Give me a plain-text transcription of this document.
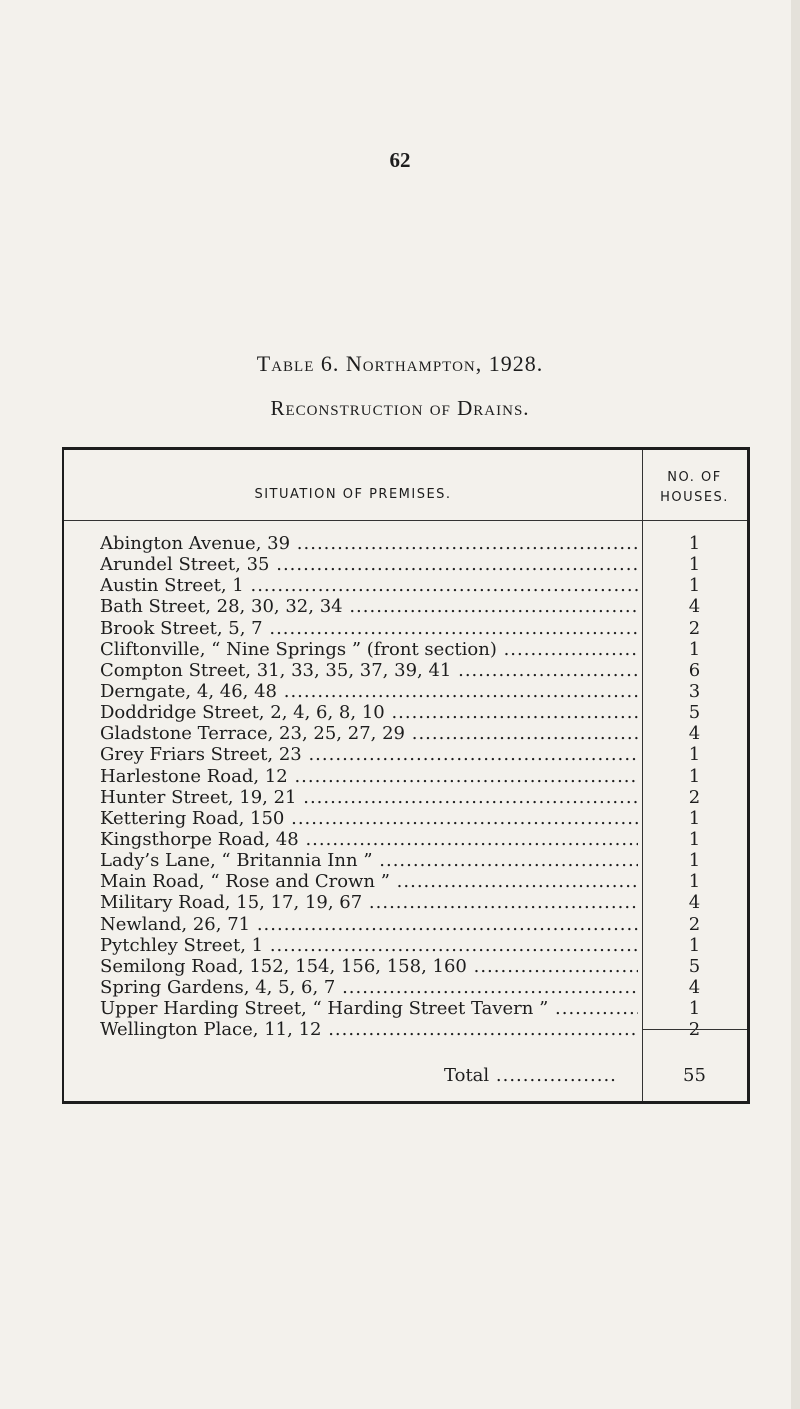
62
Table 6. Northampton, 1928.
Reconstruction of Drains.
SITUATION OF PREMISES.
NO. OF
HOUSES.
Abington Avenue, 39 .....	1
Arundel Street, 35 .....	1
Austin Street, 1 .....	1
Bath Street, 28, 30, 32, 34 .....	4
Brook Street, 5, 7 .....	2
Cliftonville, “ Nine Springs ” (front section) .....	1
Compton Street, 31, 33, 35, 37, 39, 41 .....	6
Derngate, 4, 46, 48 .....	3
Doddridge Street, 2, 4, 6, 8, 10 .....	5
Gladstone Terrace, 23, 25, 27, 29 .....	4
Grey Friars Street, 23 .....	1
Harlestone Road, 12 .....	1
Hunter Street, 19, 21 .....	2
Kettering Road, 150 .....	1
Kingsthorpe Road, 48 .....	1
Lady’s Lane, “ Britannia Inn ” .....	1
Main Road, “ Rose and Crown ” .....	1
Military Road, 15, 17, 19, 67 .....	4
Newland, 26, 71 .....	2
Pytchley Street, 1 .....	1
Semilong Road, 152, 154, 156, 158, 160 .....	5
Spring Gardens, 4, 5, 6, 7 .....	4
Upper Harding Street, “ Harding Street Tavern ” .....	1
Wellington Place, 11, 12 .....	2
Total .....	55
